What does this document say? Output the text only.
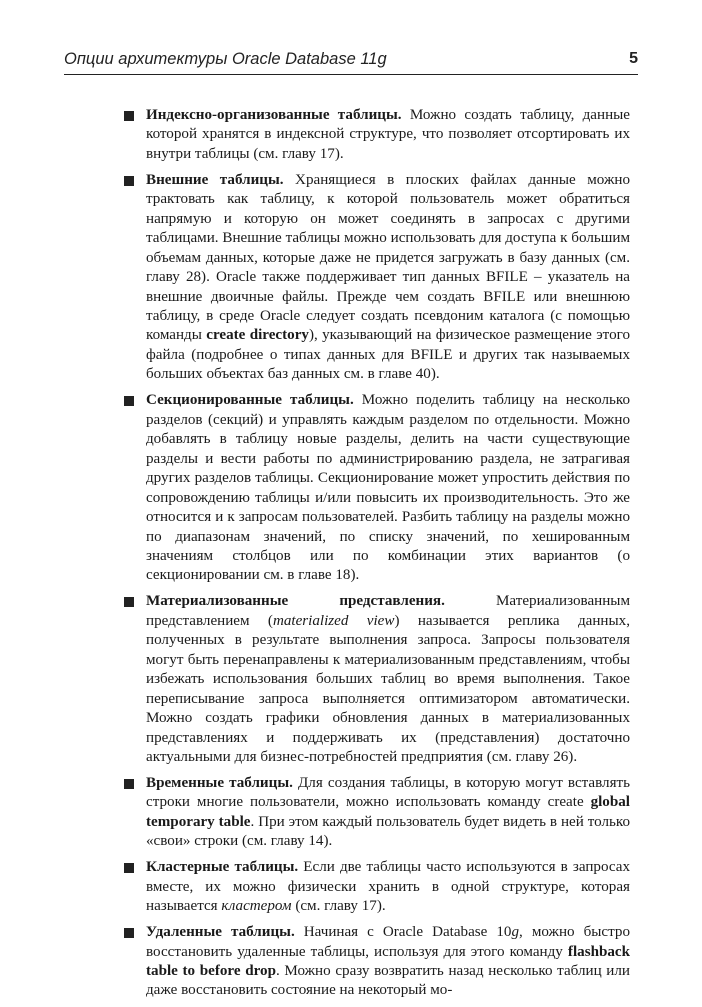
Опции архитектуры Oracle Database 11g	5
Индексно-организованные таблицы. Можно создать таблицу, данные которой хранятся в индексной структуре, что позволяет отсортировать их внутри таблицы (см. главу 17).
Внешние таблицы. Хранящиеся в плоских файлах данные можно трактовать как таблицу, к которой пользователь может обратиться напрямую и которую он может соединять в запросах с другими таблицами. Внешние таблицы можно использовать для доступа к большим объемам данных, которые даже не придется загружать в базу данных (см. главу 28). Oracle также поддерживает тип данных BFILE – указатель на внешние двоичные файлы. Прежде чем создать BFILE или внешнюю таблицу, в среде Oracle следует создать псевдоним каталога (с помощью команды create directory), указывающий на физическое размещение этого файла (подробнее о типах данных для BFILE и других так называемых больших объектах баз данных см. в главе 40).
Секционированные таблицы. Можно поделить таблицу на несколько разделов (секций) и управлять каждым разделом по отдельности. Можно добавлять в таблицу новые разделы, делить на части существующие разделы и вести работы по администрированию раздела, не затрагивая других разделов таблицы. Секционирование может упростить действия по сопровождению таблицы и/или повысить их производительность. Это же относится и к запросам пользователей. Разбить таблицу на разделы можно по диапазонам значений, по списку значений, по хешированным значениям столбцов или по комбинации этих вариантов (о секционировании см. в главе 18).
Материализованные представления. Материализованным представлением (materialized view) называется реплика данных, полученных в результате выполнения запроса. Запросы пользователя могут быть перенаправлены к материализованным представлениям, чтобы избежать использования больших таблиц во время выполнения. Такое переписывание запроса выполняется оптимизатором автоматически. Можно создать графики обновления данных в материализованных представлениях и поддерживать их (представления) достаточно актуальными для бизнес-потребностей предприятия (см. главу 26).
Временные таблицы. Для создания таблицы, в которую могут вставлять строки многие пользователи, можно использовать команду create global temporary table. При этом каждый пользователь будет видеть в ней только «свои» строки (см. главу 14).
Кластерные таблицы. Если две таблицы часто используются в запросах вместе, их можно физически хранить в одной структуре, которая называется кластером (см. главу 17).
Удаленные таблицы. Начиная с Oracle Database 10g, можно быстро восстановить удаленные таблицы, используя для этого команду flashback table to before drop. Можно сразу возвратить назад несколько таблиц или даже восстановить состояние на некоторый мо-
